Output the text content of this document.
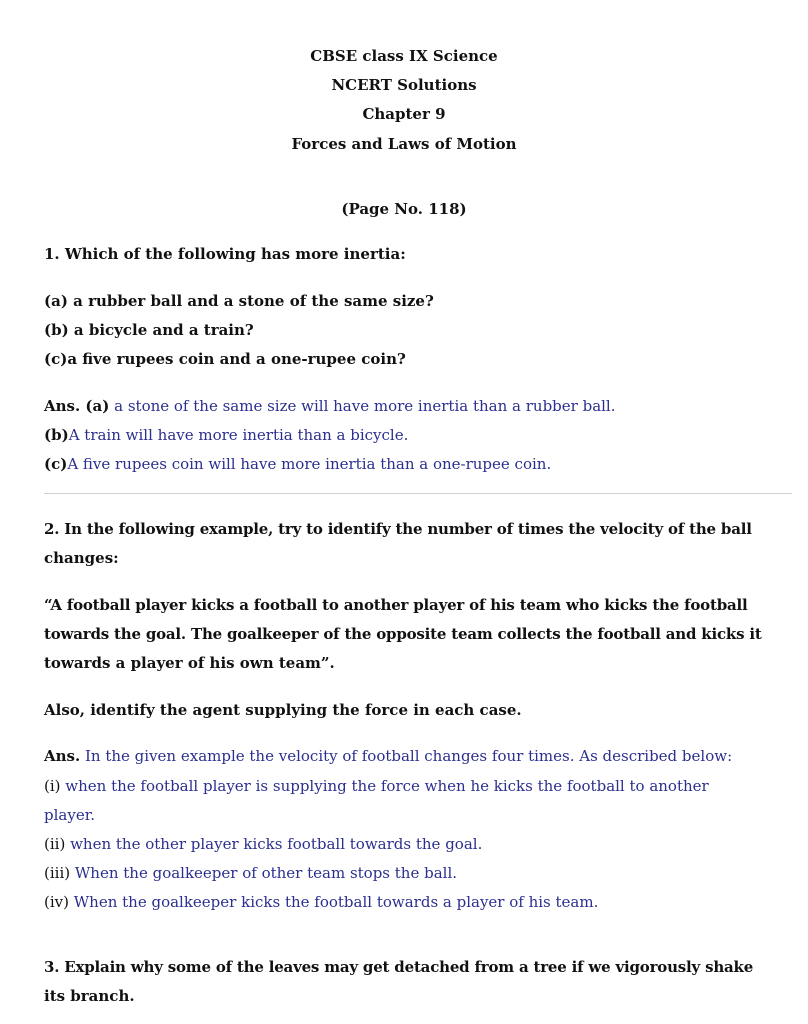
CBSE class IX Science
NCERT Solutions
Chapter 9
Forces and Laws of Motion
(Page No. 118)
1. Which of the following has more inertia:
(a) a rubber ball and a stone of the same size?
(b) a bicycle and a train?
(c)a five rupees coin and a one-rupee coin?
Ans. (a) a stone of the same size will have more inertia than a rubber ball.
(b)A train will have more inertia than a bicycle.
(c)A five rupees coin will have more inertia than a one-rupee coin.
2. In the following example, try to identify the number of times the velocity of the ball
changes:
“A football player kicks a football to another player of his team who kicks the football
towards the goal. The goalkeeper of the opposite team collects the football and kicks it
towards a player of his own team”.
Also, identify the agent supplying the force in each case.
Ans. In the given example the velocity of football changes four times. As described below:
(i) when the football player is supplying the force when he kicks the football to another
player.
(ii) when the other player kicks football towards the goal.
(iii) When the goalkeeper of other team stops the ball.
(iv) When the goalkeeper kicks the football towards a player of his team.
3. Explain why some of the leaves may get detached from a tree if we vigorously shake
its branch.
